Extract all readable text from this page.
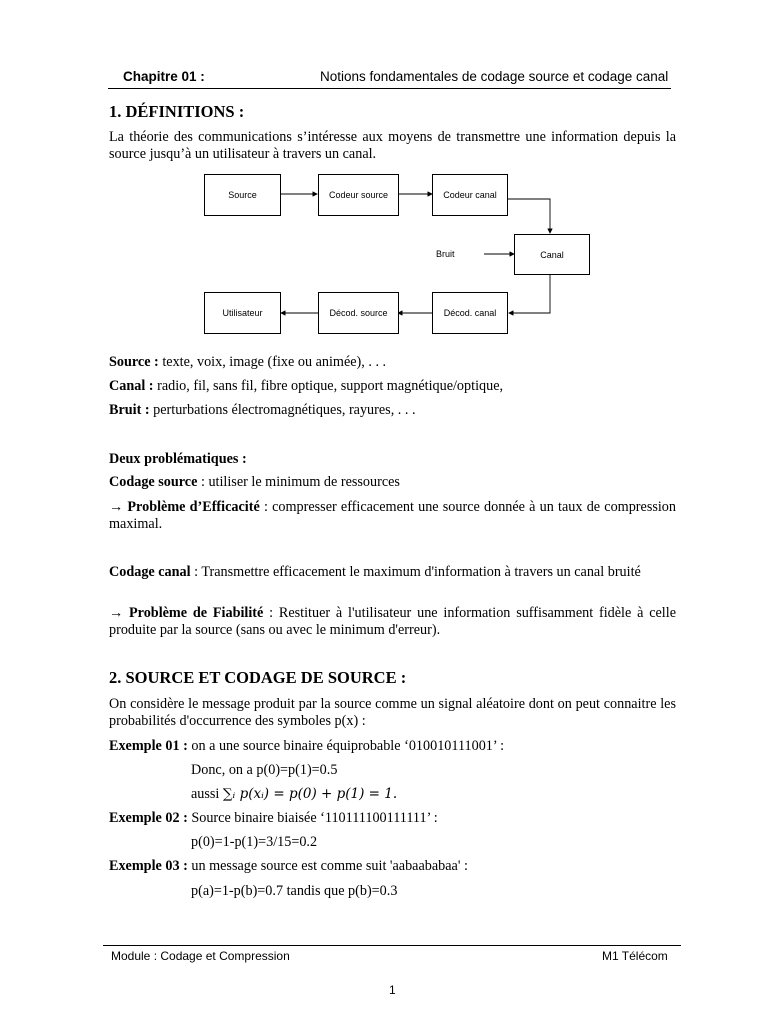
Chapitre 01 :	Notions fondamentales de codage source et codage canal
1. DÉFINITIONS :
La théorie des communications s’intéresse aux moyens de transmettre une information depuis la source jusqu’à un utilisateur à travers un canal.
Source	Codeur source	Codeur canal
Bruit	Canal
Utilisateur	Décod. source	Décod. canal
Source : texte, voix, image (fixe ou animée), . . .
Canal : radio, fil, sans fil, fibre optique, support magnétique/optique,
Bruit : perturbations électromagnétiques, rayures, . . .
Deux problématiques :
Codage source : utiliser le minimum de ressources
→ Problème d’Efficacité : compresser efficacement une source donnée à un taux de compression maximal.
Codage canal : Transmettre efficacement le maximum d'information à travers un canal bruité
→ Problème de Fiabilité : Restituer à l'utilisateur une information suffisamment fidèle à celle produite par la source (sans ou avec le minimum d'erreur).
2. SOURCE ET CODAGE DE SOURCE :
On considère le message produit par la source comme un signal aléatoire dont on peut connaitre les probabilités d'occurrence des symboles p(x) :
Exemple 01 : on a une source binaire équiprobable ‘010010111001’ :
Donc, on a p(0)=p(1)=0.5
aussi ∑ᵢ p(xᵢ) = p(0) + p(1) = 1.
Exemple 02 : Source binaire biaisée ‘110111100111111’ :
p(0)=1-p(1)=3/15=0.2
Exemple 03 : un message source est comme suit 'aabaababaa' :
p(a)=1-p(b)=0.7 tandis que p(b)=0.3
Module : Codage et Compression	M1 Télécom
1
